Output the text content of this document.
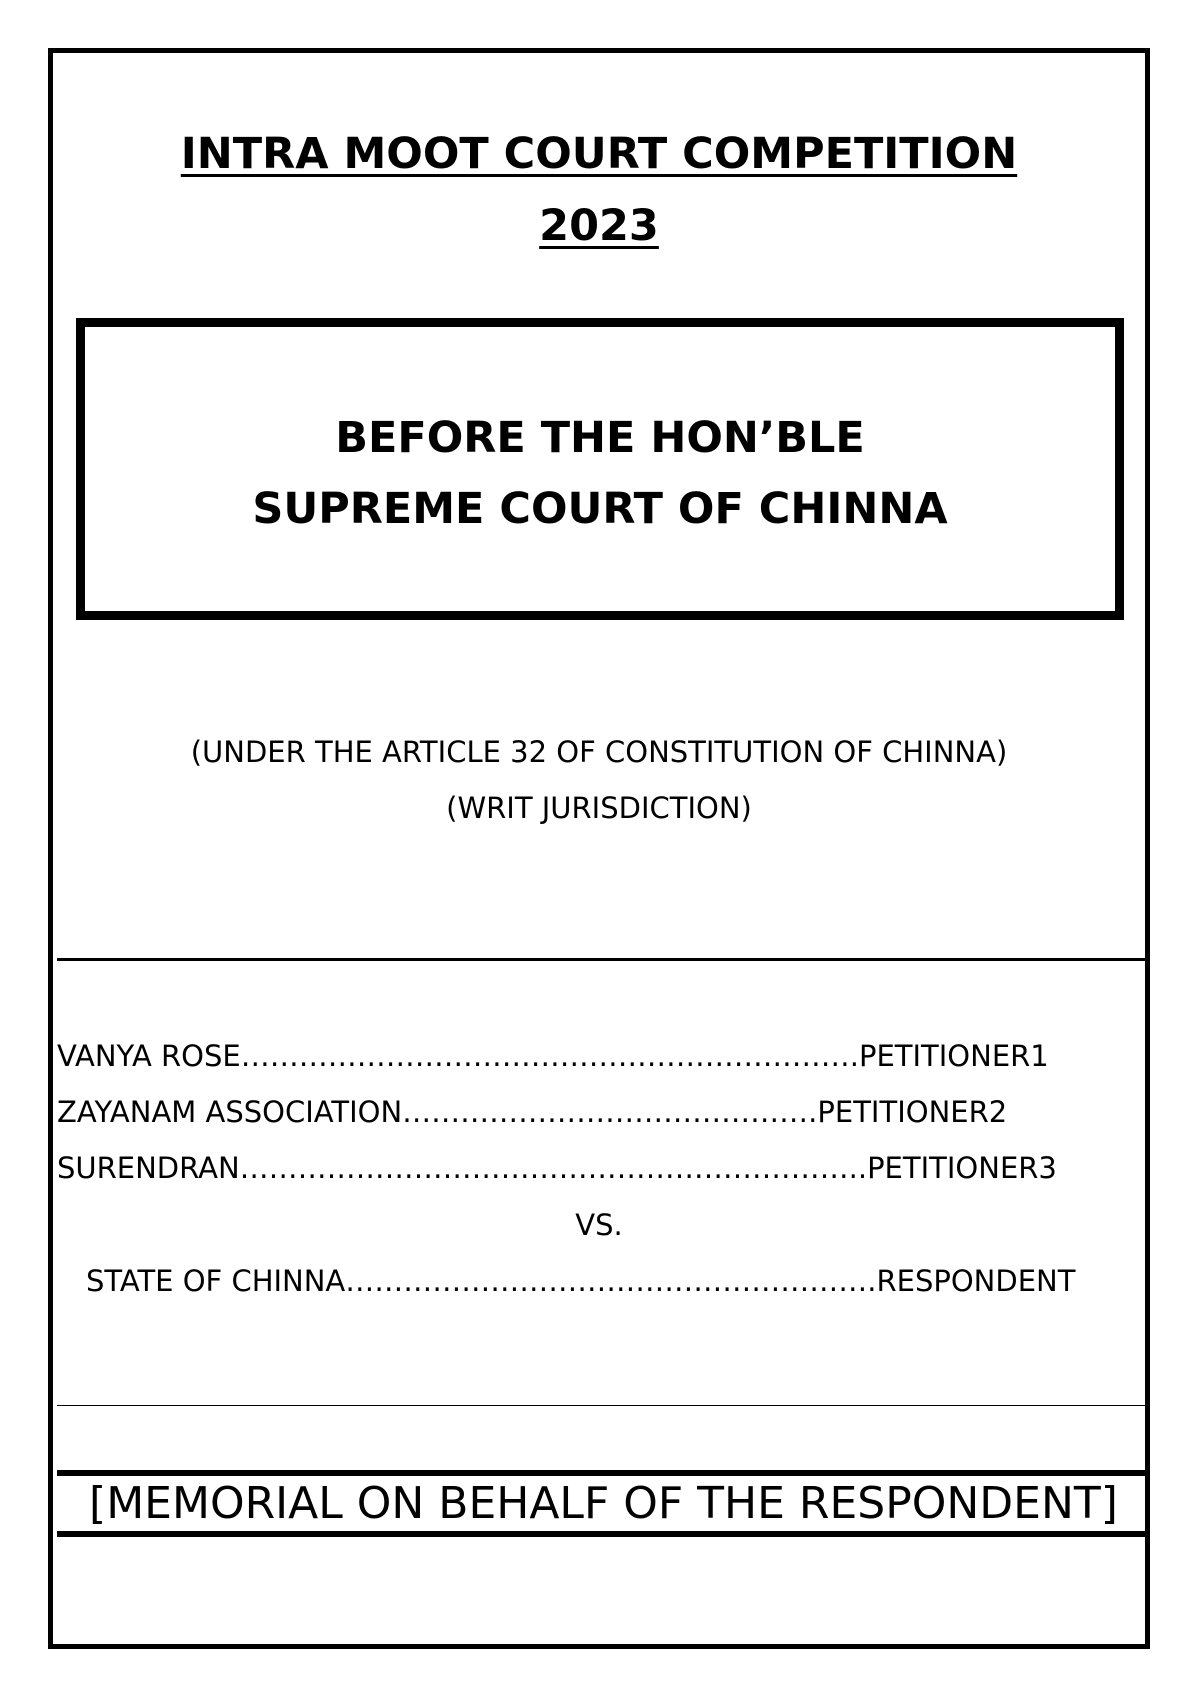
INTRA MOOT COURT COMPETITION
2023
BEFORE THE HON’BLE
SUPREME COURT OF CHINNA
(UNDER THE ARTICLE 32 OF CONSTITUTION OF CHINNA)
(WRIT JURISDICTION)
VANYA ROSE……………………………………………………….PETITIONER1
ZAYANAM ASSOCIATION…………………………………….PETITIONER2
SURENDRAN………………………………………………………..PETITIONER3
VS.
STATE OF CHINNA……………………………………………….RESPONDENT
[MEMORIAL ON BEHALF OF THE RESPONDENT]
